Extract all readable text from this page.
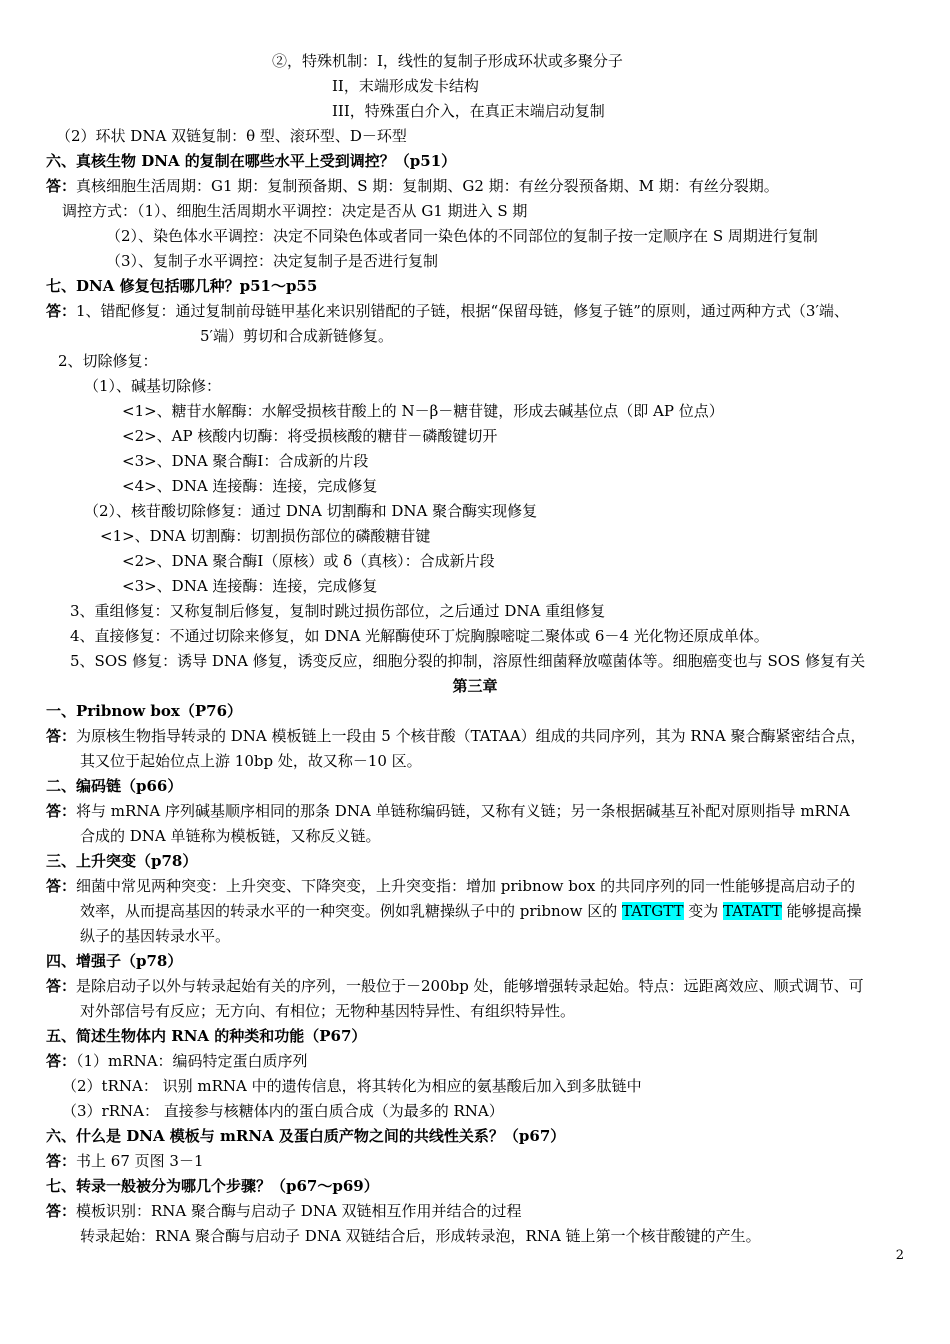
②，特殊机制：I，线性的复制子形成环状或多聚分子
II，末端形成发卡结构
III，特殊蛋白介入，在真正末端启动复制
（2）环状 DNA 双链复制：θ 型、滚环型、D－环型
六、真核生物 DNA 的复制在哪些水平上受到调控？（p51）
答：真核细胞生活周期：G1 期：复制预备期、S 期：复制期、G2 期：有丝分裂预备期、M 期：有丝分裂期。
调控方式：（1）、细胞生活周期水平调控：决定是否从 G1 期进入 S 期
（2）、染色体水平调控：决定不同染色体或者同一染色体的不同部位的复制子按一定顺序在 S 周期进行复制
（3）、复制子水平调控：决定复制子是否进行复制
七、DNA 修复包括哪几种？p51～p55
答：1、错配修复：通过复制前母链甲基化来识别错配的子链，根据“保留母链，修复子链”的原则，通过两种方式（3′端、
5′端）剪切和合成新链修复。
2、切除修复：
（1）、碱基切除修：
<1>、糖苷水解酶：水解受损核苷酸上的 N－β－糖苷键，形成去碱基位点（即 AP 位点）
<2>、AP 核酸内切酶：将受损核酸的糖苷－磷酸键切开
<3>、DNA 聚合酶Ⅰ：合成新的片段
<4>、DNA 连接酶：连接，完成修复
（2）、核苷酸切除修复：通过 DNA 切割酶和 DNA 聚合酶实现修复
<1>、DNA 切割酶：切割损伤部位的磷酸糖苷键
<2>、DNA 聚合酶Ⅰ（原核）或 δ（真核）：合成新片段
<3>、DNA 连接酶：连接，完成修复
3、重组修复：又称复制后修复，复制时跳过损伤部位，之后通过 DNA 重组修复
4、直接修复：不通过切除来修复，如 DNA 光解酶使环丁烷胸腺嘧啶二聚体或 6－4 光化物还原成单体。
5、SOS 修复：诱导 DNA 修复，诱变反应，细胞分裂的抑制，溶原性细菌释放噬菌体等。细胞癌变也与 SOS 修复有关
第三章
一、Pribnow box（P76）
答：为原核生物指导转录的 DNA 模板链上一段由 5 个核苷酸（TATAA）组成的共同序列，其为 RNA 聚合酶紧密结合点，
其又位于起始位点上游 10bp 处，故又称－10 区。
二、编码链（p66）
答：将与 mRNA 序列碱基顺序相同的那条 DNA 单链称编码链，又称有义链；另一条根据碱基互补配对原则指导 mRNA
合成的 DNA 单链称为模板链，又称反义链。
三、上升突变（p78）
答：细菌中常见两种突变：上升突变、下降突变，上升突变指：增加 pribnow box 的共同序列的同一性能够提高启动子的
效率，从而提高基因的转录水平的一种突变。例如乳糖操纵子中的 pribnow 区的 TATGTT 变为 TATATT 能够提高操
纵子的基因转录水平。
四、增强子（p78）
答：是除启动子以外与转录起始有关的序列，一般位于－200bp 处，能够增强转录起始。特点：远距离效应、顺式调节、可
对外部信号有反应；无方向、有相位；无物种基因特异性、有组织特异性。
五、简述生物体内 RNA 的种类和功能（P67）
答：（1）mRNA：编码特定蛋白质序列
（2）tRNA： 识别 mRNA 中的遗传信息，将其转化为相应的氨基酸后加入到多肽链中
（3）rRNA： 直接参与核糖体内的蛋白质合成（为最多的 RNA）
六、什么是 DNA 模板与 mRNA 及蛋白质产物之间的共线性关系？（p67）
答：书上 67 页图 3－1
七、转录一般被分为哪几个步骤？（p67～p69）
答：模板识别：RNA 聚合酶与启动子 DNA 双链相互作用并结合的过程
转录起始：RNA 聚合酶与启动子 DNA 双链结合后，形成转录泡，RNA 链上第一个核苷酸键的产生。
2
